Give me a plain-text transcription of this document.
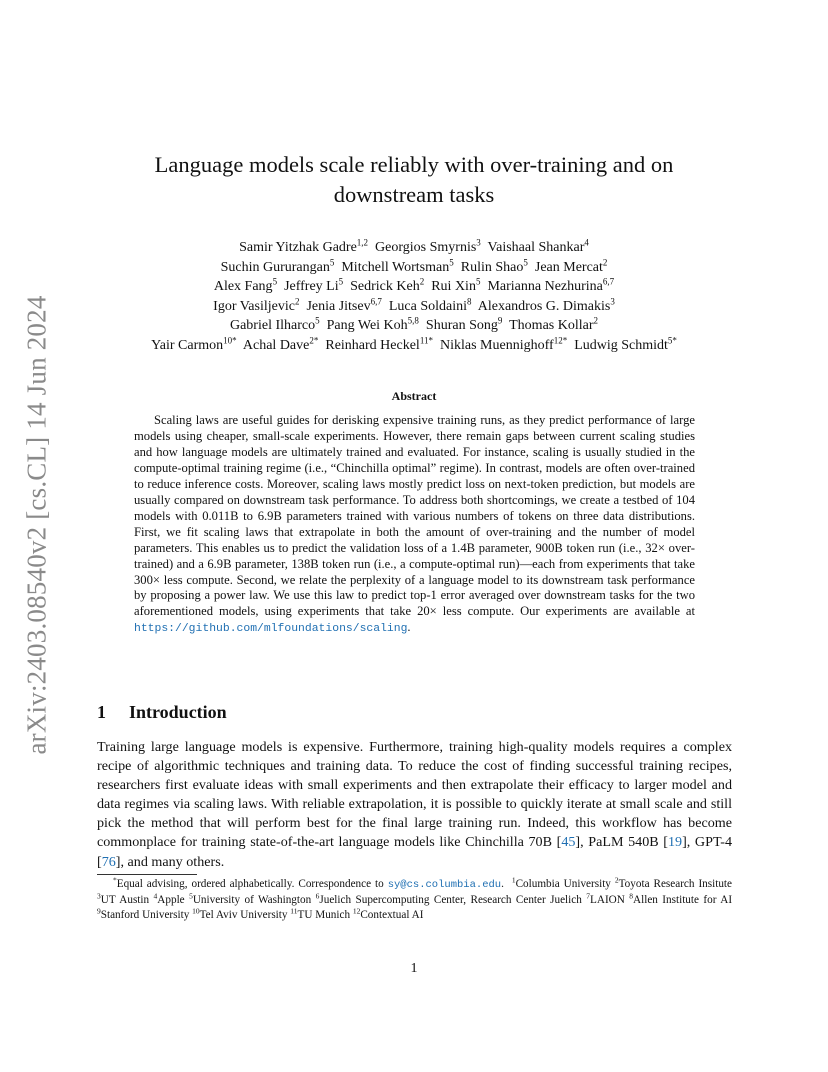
arXiv:2403.08540v2 [cs.CL] 14 Jun 2024
Language models scale reliably with over-training and on downstream tasks
Samir Yitzhak Gadre$^{1,2}$ Georgios Smyrnis$^3$ Vaishaal Shankar$^4$
Suchin Gururangan$^5$ Mitchell Wortsman$^5$ Rulin Shao$^5$ Jean Mercat$^2$
Alex Fang$^5$ Jeffrey Li$^5$ Sedrick Keh$^2$ Rui Xin$^5$ Marianna Nezhurina$^{6,7}$
Igor Vasiljevic$^2$ Jenia Jitsev$^{6,7}$ Luca Soldaini$^8$ Alexandros G. Dimakis$^3$
Gabriel Ilharco$^5$ Pang Wei Koh$^{5,8}$ Shuran Song$^9$ Thomas Kollar$^2$
Yair Carmon$^{10*}$ Achal Dave$^{2*}$ Reinhard Heckel$^{11*}$ Niklas Muennighoff$^{12*}$ Ludwig Schmidt$^{5*}$
Abstract
Scaling laws are useful guides for derisking expensive training runs, as they predict performance of large models using cheaper, small-scale experiments. However, there remain gaps between current scaling studies and how language models are ultimately trained and evaluated. For instance, scaling is usually studied in the compute-optimal training regime (i.e., “Chinchilla optimal” regime). In contrast, models are often over-trained to reduce inference costs. Moreover, scaling laws mostly predict loss on next-token prediction, but models are usually compared on downstream task performance. To address both shortcomings, we create a testbed of 104 models with 0.011B to 6.9B parameters trained with various numbers of tokens on three data distributions. First, we fit scaling laws that extrapolate in both the amount of over-training and the number of model parameters. This enables us to predict the validation loss of a 1.4B parameter, 900B token run (i.e., 32× over-trained) and a 6.9B parameter, 138B token run (i.e., a compute-optimal run)—each from experiments that take 300× less compute. Second, we relate the perplexity of a language model to its downstream task performance by proposing a power law. We use this law to predict top-1 error averaged over downstream tasks for the two aforementioned models, using experiments that take 20× less compute. Our experiments are available at https://github.com/mlfoundations/scaling.
1 Introduction
Training large language models is expensive. Furthermore, training high-quality models requires a complex recipe of algorithmic techniques and training data. To reduce the cost of finding successful training recipes, researchers first evaluate ideas with small experiments and then extrapolate their efficacy to larger model and data regimes via scaling laws. With reliable extrapolation, it is possible to quickly iterate at small scale and still pick the method that will perform best for the final large training run. Indeed, this workflow has become commonplace for training state-of-the-art language models like Chinchilla 70B [45], PaLM 540B [19], GPT-4 [76], and many others.
*Equal advising, ordered alphabetically. Correspondence to sy@cs.columbia.edu. $^1$Columbia University $^2$Toyota Research Insitute $^3$UT Austin $^4$Apple $^5$University of Washington $^6$Juelich Supercomputing Center, Research Center Juelich $^7$LAION $^8$Allen Institute for AI $^9$Stanford University $^{10}$Tel Aviv University $^{11}$TU Munich $^{12}$Contextual AI
1
